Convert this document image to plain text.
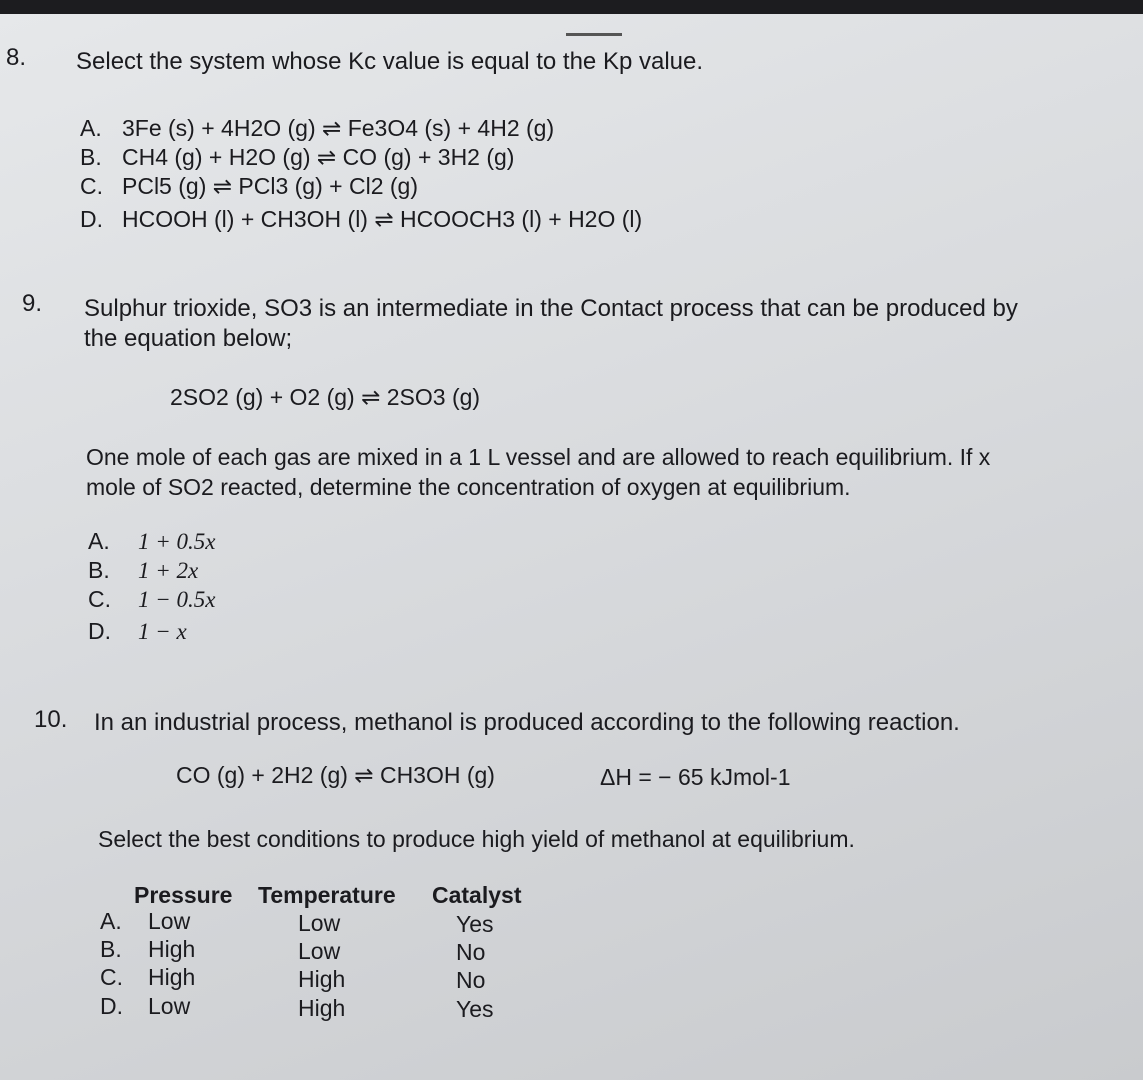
8. Select the system whose Kc value is equal to the Kp value.
A. 3Fe (s) + 4H2O (g) ⇌ Fe3O4 (s) + 4H2 (g)
B. CH4 (g) + H2O (g) ⇌ CO (g) + 3H2 (g)
C. PCl5 (g) ⇌ PCl3 (g) + Cl2 (g)
D. HCOOH (l) + CH3OH (l) ⇌ HCOOCH3 (l) + H2O (l)
9. Sulphur trioxide, SO3 is an intermediate in the Contact process that can be produced by the equation below;
2SO2 (g) + O2 (g) ⇌ 2SO3 (g)
One mole of each gas are mixed in a 1 L vessel and are allowed to reach equilibrium. If x mole of SO2 reacted, determine the concentration of oxygen at equilibrium.
A. 1 + 0.5x
B. 1 + 2x
C. 1 − 0.5x
D. 1 − x
10. In an industrial process, methanol is produced according to the following reaction.
CO (g) + 2H2 (g) ⇌ CH3OH (g)	ΔH = − 65 kJmol-1
Select the best conditions to produce high yield of methanol at equilibrium.
Pressure Temperature Catalyst
A. Low	Low	Yes
B. High	Low	No
C. High	High	No
D. Low	High	Yes
